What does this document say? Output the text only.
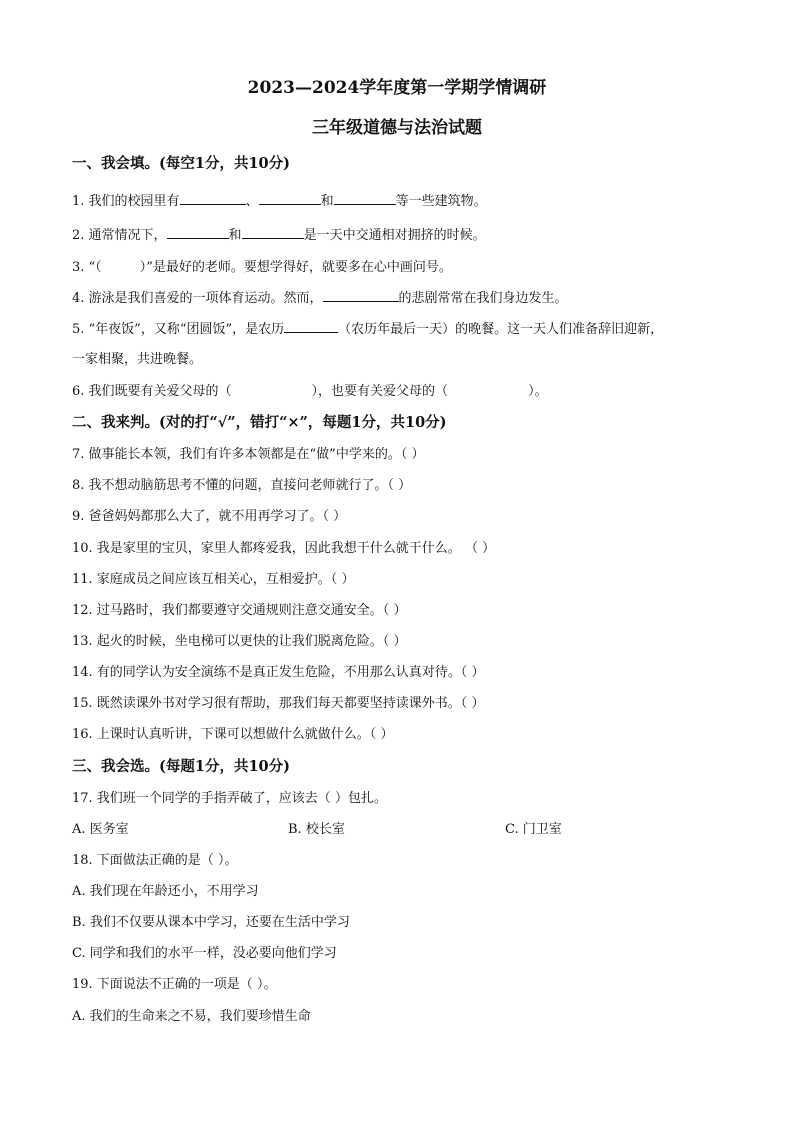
2023—2024学年度第一学期学情调研
三年级道德与法治试题
一、我会填。(每空1分，共10分)
1. 我们的校园里有	、	和	等一些建筑物。
2. 通常情况下，	和	是一天中交通相对拥挤的时候。
3. “（	）”是最好的老师。要想学得好，就要多在心中画问号。
4. 游泳是我们喜爱的一项体育运动。然而，	的悲剧常常在我们身边发生。
5. “年夜饭”，又称“团圆饭”，是农历	（农历年最后一天）的晚餐。这一天人们准备辞旧迎新，
一家相聚，共进晚餐。
6. 我们既要有关爱父母的（	），也要有关爱父母的（	）。
二、我来判。(对的打“√”，错打“×”，每题1分，共10分)
7. 做事能长本领，我们有许多本领都是在“做”中学来的。（ ）
8. 我不想动脑筋思考不懂的问题，直接问老师就行了。（ ）
9. 爸爸妈妈都那么大了，就不用再学习了。（ ）
10. 我是家里的宝贝，家里人都疼爱我，因此我想干什么就干什么。 （ ）
11. 家庭成员之间应该互相关心，互相爱护。（ ）
12. 过马路时，我们都要遵守交通规则注意交通安全。（ ）
13. 起火的时候，坐电梯可以更快的让我们脱离危险。（ ）
14. 有的同学认为安全演练不是真正发生危险，不用那么认真对待。（ ）
15. 既然读课外书对学习很有帮助，那我们每天都要坚持读课外书。（ ）
16. 上课时认真听讲，下课可以想做什么就做什么。（ ）
三、我会选。(每题1分，共10分)
17. 我们班一个同学的手指弄破了，应该去（ ）包扎。
A. 医务室	B. 校长室	C. 门卫室
18. 下面做法正确的是（ ）。
A. 我们现在年龄还小，不用学习
B. 我们不仅要从课本中学习，还要在生活中学习
C. 同学和我们的水平一样，没必要向他们学习
19. 下面说法不正确的一项是（ ）。
A. 我们的生命来之不易，我们要珍惜生命
